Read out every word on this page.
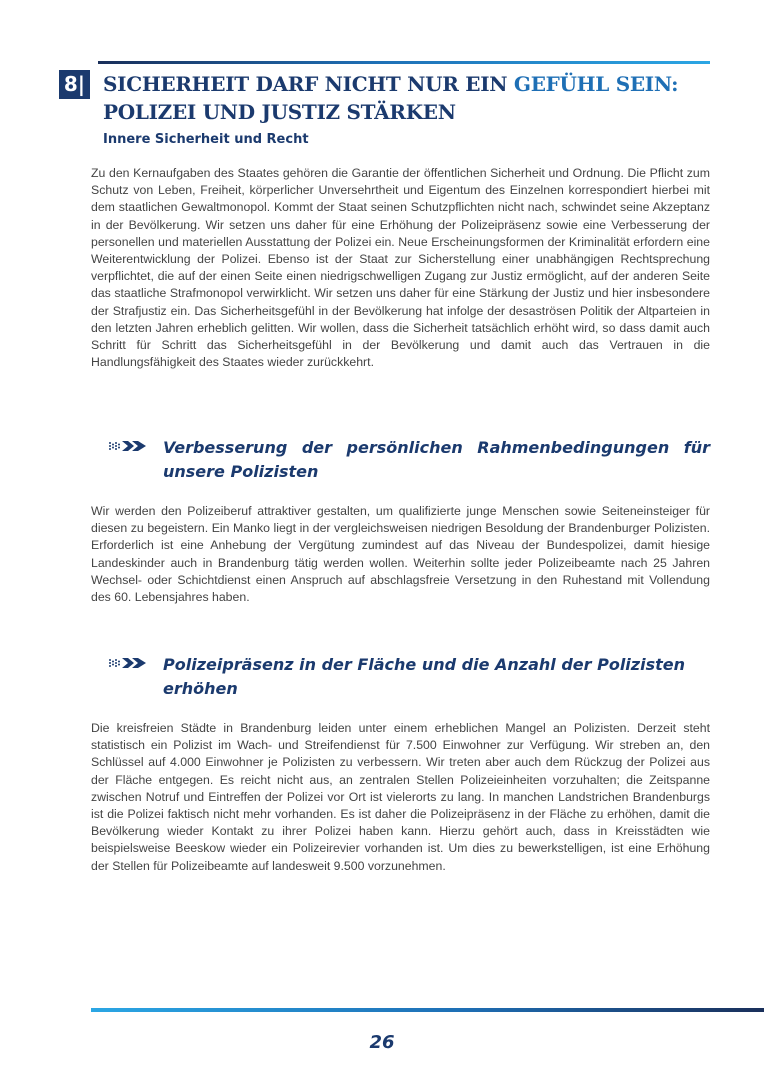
8| SICHERHEIT DARF NICHT NUR EIN GEFÜHL SEIN:
POLIZEI UND JUSTIZ STÄRKEN
Innere Sicherheit und Recht

Zu den Kernaufgaben des Staates gehören die Garantie der öffentlichen Sicherheit und Ordnung. Die Pflicht zum Schutz von Leben, Freiheit, körperlicher Unversehrtheit und Eigentum des Einzelnen korrespondiert hierbei mit dem staatlichen Gewaltmonopol. Kommt der Staat seinen Schutzpflichten nicht nach, schwindet seine Akzeptanz in der Bevölkerung. Wir setzen uns daher für eine Erhöhung der Polizeipräsenz sowie eine Verbesserung der personellen und materiellen Ausstattung der Polizei ein. Neue Erscheinungsformen der Kriminalität erfordern eine Weiterentwicklung der Polizei. Ebenso ist der Staat zur Sicherstellung einer unabhängigen Rechtsprechung verpflichtet, die auf der einen Seite einen niedrigschwelligen Zugang zur Justiz ermöglicht, auf der anderen Seite das staatliche Strafmonopol verwirklicht. Wir setzen uns daher für eine Stärkung der Justiz und hier insbesondere der Strafjustiz ein. Das Sicherheitsgefühl in der Bevölkerung hat infolge der desaströsen Politik der Altparteien in den letzten Jahren erheblich gelitten. Wir wollen, dass die Sicherheit tatsächlich erhöht wird, so dass damit auch Schritt für Schritt das Sicherheitsgefühl in der Bevölkerung und damit auch das Vertrauen in die Handlungsfähigkeit des Staates wieder zurückkehrt.

Verbesserung der persönlichen Rahmenbedingungen für unsere Polizisten

Wir werden den Polizeiberuf attraktiver gestalten, um qualifizierte junge Menschen sowie Seiteneinsteiger für diesen zu begeistern. Ein Manko liegt in der vergleichsweisen niedrigen Besoldung der Brandenburger Polizisten. Erforderlich ist eine Anhebung der Vergütung zumindest auf das Niveau der Bundespolizei, damit hiesige Landeskinder auch in Brandenburg tätig werden wollen. Weiterhin sollte jeder Polizeibeamte nach 25 Jahren Wechsel- oder Schichtdienst einen Anspruch auf abschlagsfreie Versetzung in den Ruhestand mit Vollendung des 60. Lebensjahres haben.

Polizeipräsenz in der Fläche und die Anzahl der Polizisten erhöhen

Die kreisfreien Städte in Brandenburg leiden unter einem erheblichen Mangel an Polizisten. Derzeit steht statistisch ein Polizist im Wach- und Streifendienst für 7.500 Einwohner zur Verfügung. Wir streben an, den Schlüssel auf 4.000 Einwohner je Polizisten zu verbessern. Wir treten aber auch dem Rückzug der Polizei aus der Fläche entgegen. Es reicht nicht aus, an zentralen Stellen Polizeieinheiten vorzuhalten; die Zeitspanne zwischen Notruf und Eintreffen der Polizei vor Ort ist vielerorts zu lang. In manchen Landstrichen Brandenburgs ist die Polizei faktisch nicht mehr vorhanden. Es ist daher die Polizeipräsenz in der Fläche zu erhöhen, damit die Bevölkerung wieder Kontakt zu ihrer Polizei haben kann. Hierzu gehört auch, dass in Kreisstädten wie beispielsweise Beeskow wieder ein Polizeirevier vorhanden ist. Um dies zu bewerkstelligen, ist eine Erhöhung der Stellen für Polizeibeamte auf landesweit 9.500 vorzunehmen.

26
